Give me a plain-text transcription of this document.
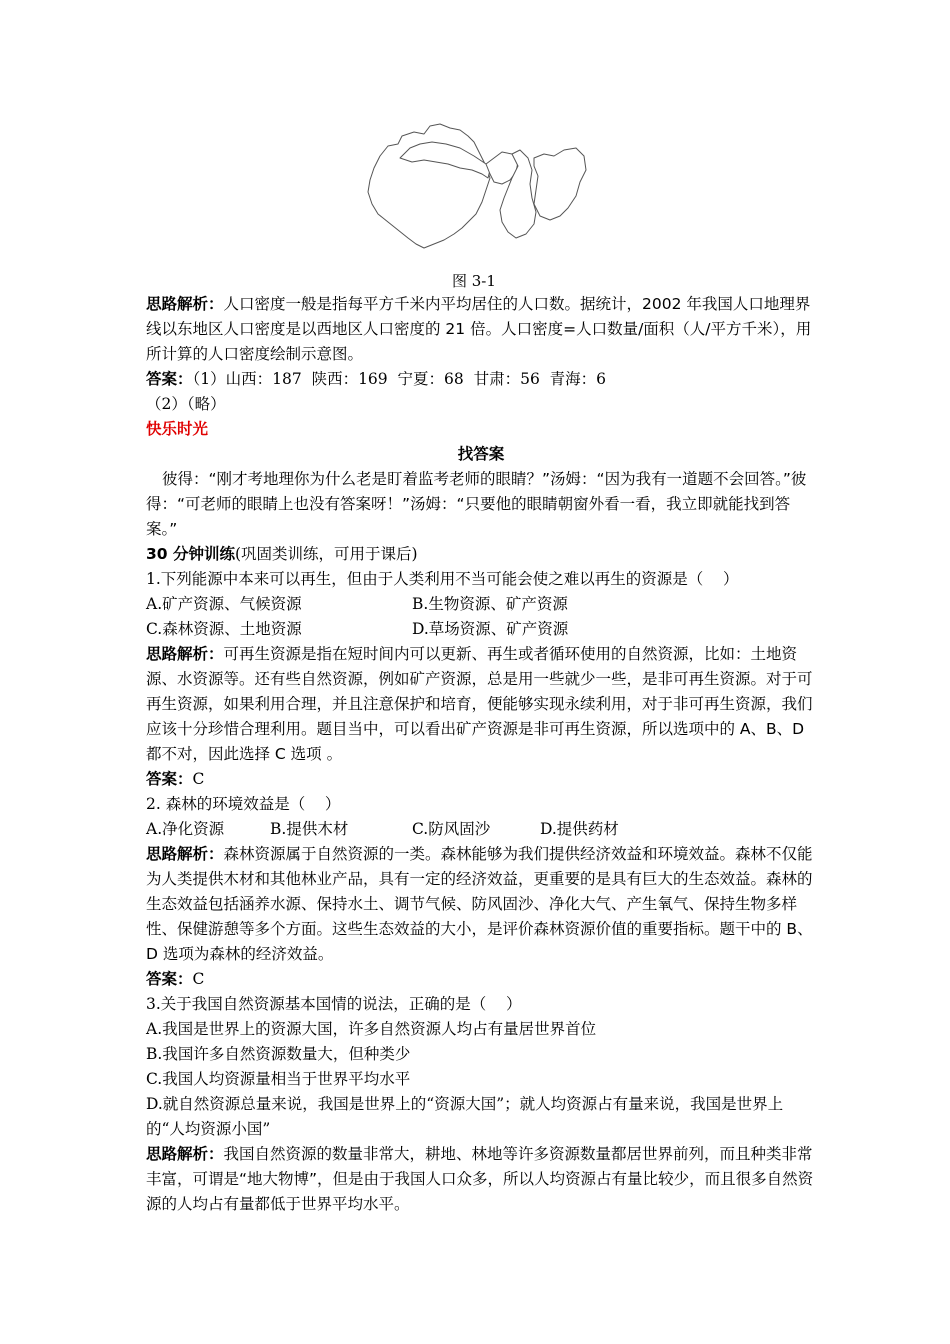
图 3-1

思路解析：人口密度一般是指每平方千米内平均居住的人口数。据统计，2002 年我国人口地理界线以东地区人口密度是以西地区人口密度的 21 倍。人口密度=人口数量/面积（人/平方千米），用所计算的人口密度绘制示意图。

答案：（1）山西：187  陕西：169  宁夏：68  甘肃：56  青海：6

（2）（略）

快乐时光

找答案

彼得：“刚才考地理你为什么老是盯着监考老师的眼睛？”汤姆：“因为我有一道题不会回答。”彼得：“可老师的眼睛上也没有答案呀！”汤姆：“只要他的眼睛朝窗外看一看，我立即就能找到答案。”

30 分钟训练(巩固类训练，可用于课后)

1.下列能源中本来可以再生，但由于人类利用不当可能会使之难以再生的资源是（    ）

A.矿产资源、气候资源	B.生物资源、矿产资源
C.森林资源、土地资源	D.草场资源、矿产资源

思路解析：可再生资源是指在短时间内可以更新、再生或者循环使用的自然资源，比如：土地资源、水资源等。还有些自然资源，例如矿产资源，总是用一些就少一些，是非可再生资源。对于可再生资源，如果利用合理，并且注意保护和培育，便能够实现永续利用，对于非可再生资源，我们应该十分珍惜合理利用。题目当中，可以看出矿产资源是非可再生资源，所以选项中的 A、B、D 都不对，因此选择 C 选项 。

答案：C

2. 森林的环境效益是（    ）

A.净化资源	B.提供木材	C.防风固沙	D.提供药材

思路解析：森林资源属于自然资源的一类。森林能够为我们提供经济效益和环境效益。森林不仅能为人类提供木材和其他林业产品，具有一定的经济效益，更重要的是具有巨大的生态效益。森林的生态效益包括涵养水源、保持水土、调节气候、防风固沙、净化大气、产生氧气、保持生物多样性、保健游憩等多个方面。这些生态效益的大小，是评价森林资源价值的重要指标。题干中的 B、D 选项为森林的经济效益。

答案：C

3.关于我国自然资源基本国情的说法，正确的是（    ）

A.我国是世界上的资源大国，许多自然资源人均占有量居世界首位

B.我国许多自然资源数量大，但种类少

C.我国人均资源量相当于世界平均水平

D.就自然资源总量来说，我国是世界上的“资源大国”；就人均资源占有量来说，我国是世界上的“人均资源小国”

思路解析：我国自然资源的数量非常大，耕地、林地等许多资源数量都居世界前列，而且种类非常丰富，可谓是“地大物博”，但是由于我国人口众多，所以人均资源占有量比较少，而且很多自然资源的人均占有量都低于世界平均水平。
